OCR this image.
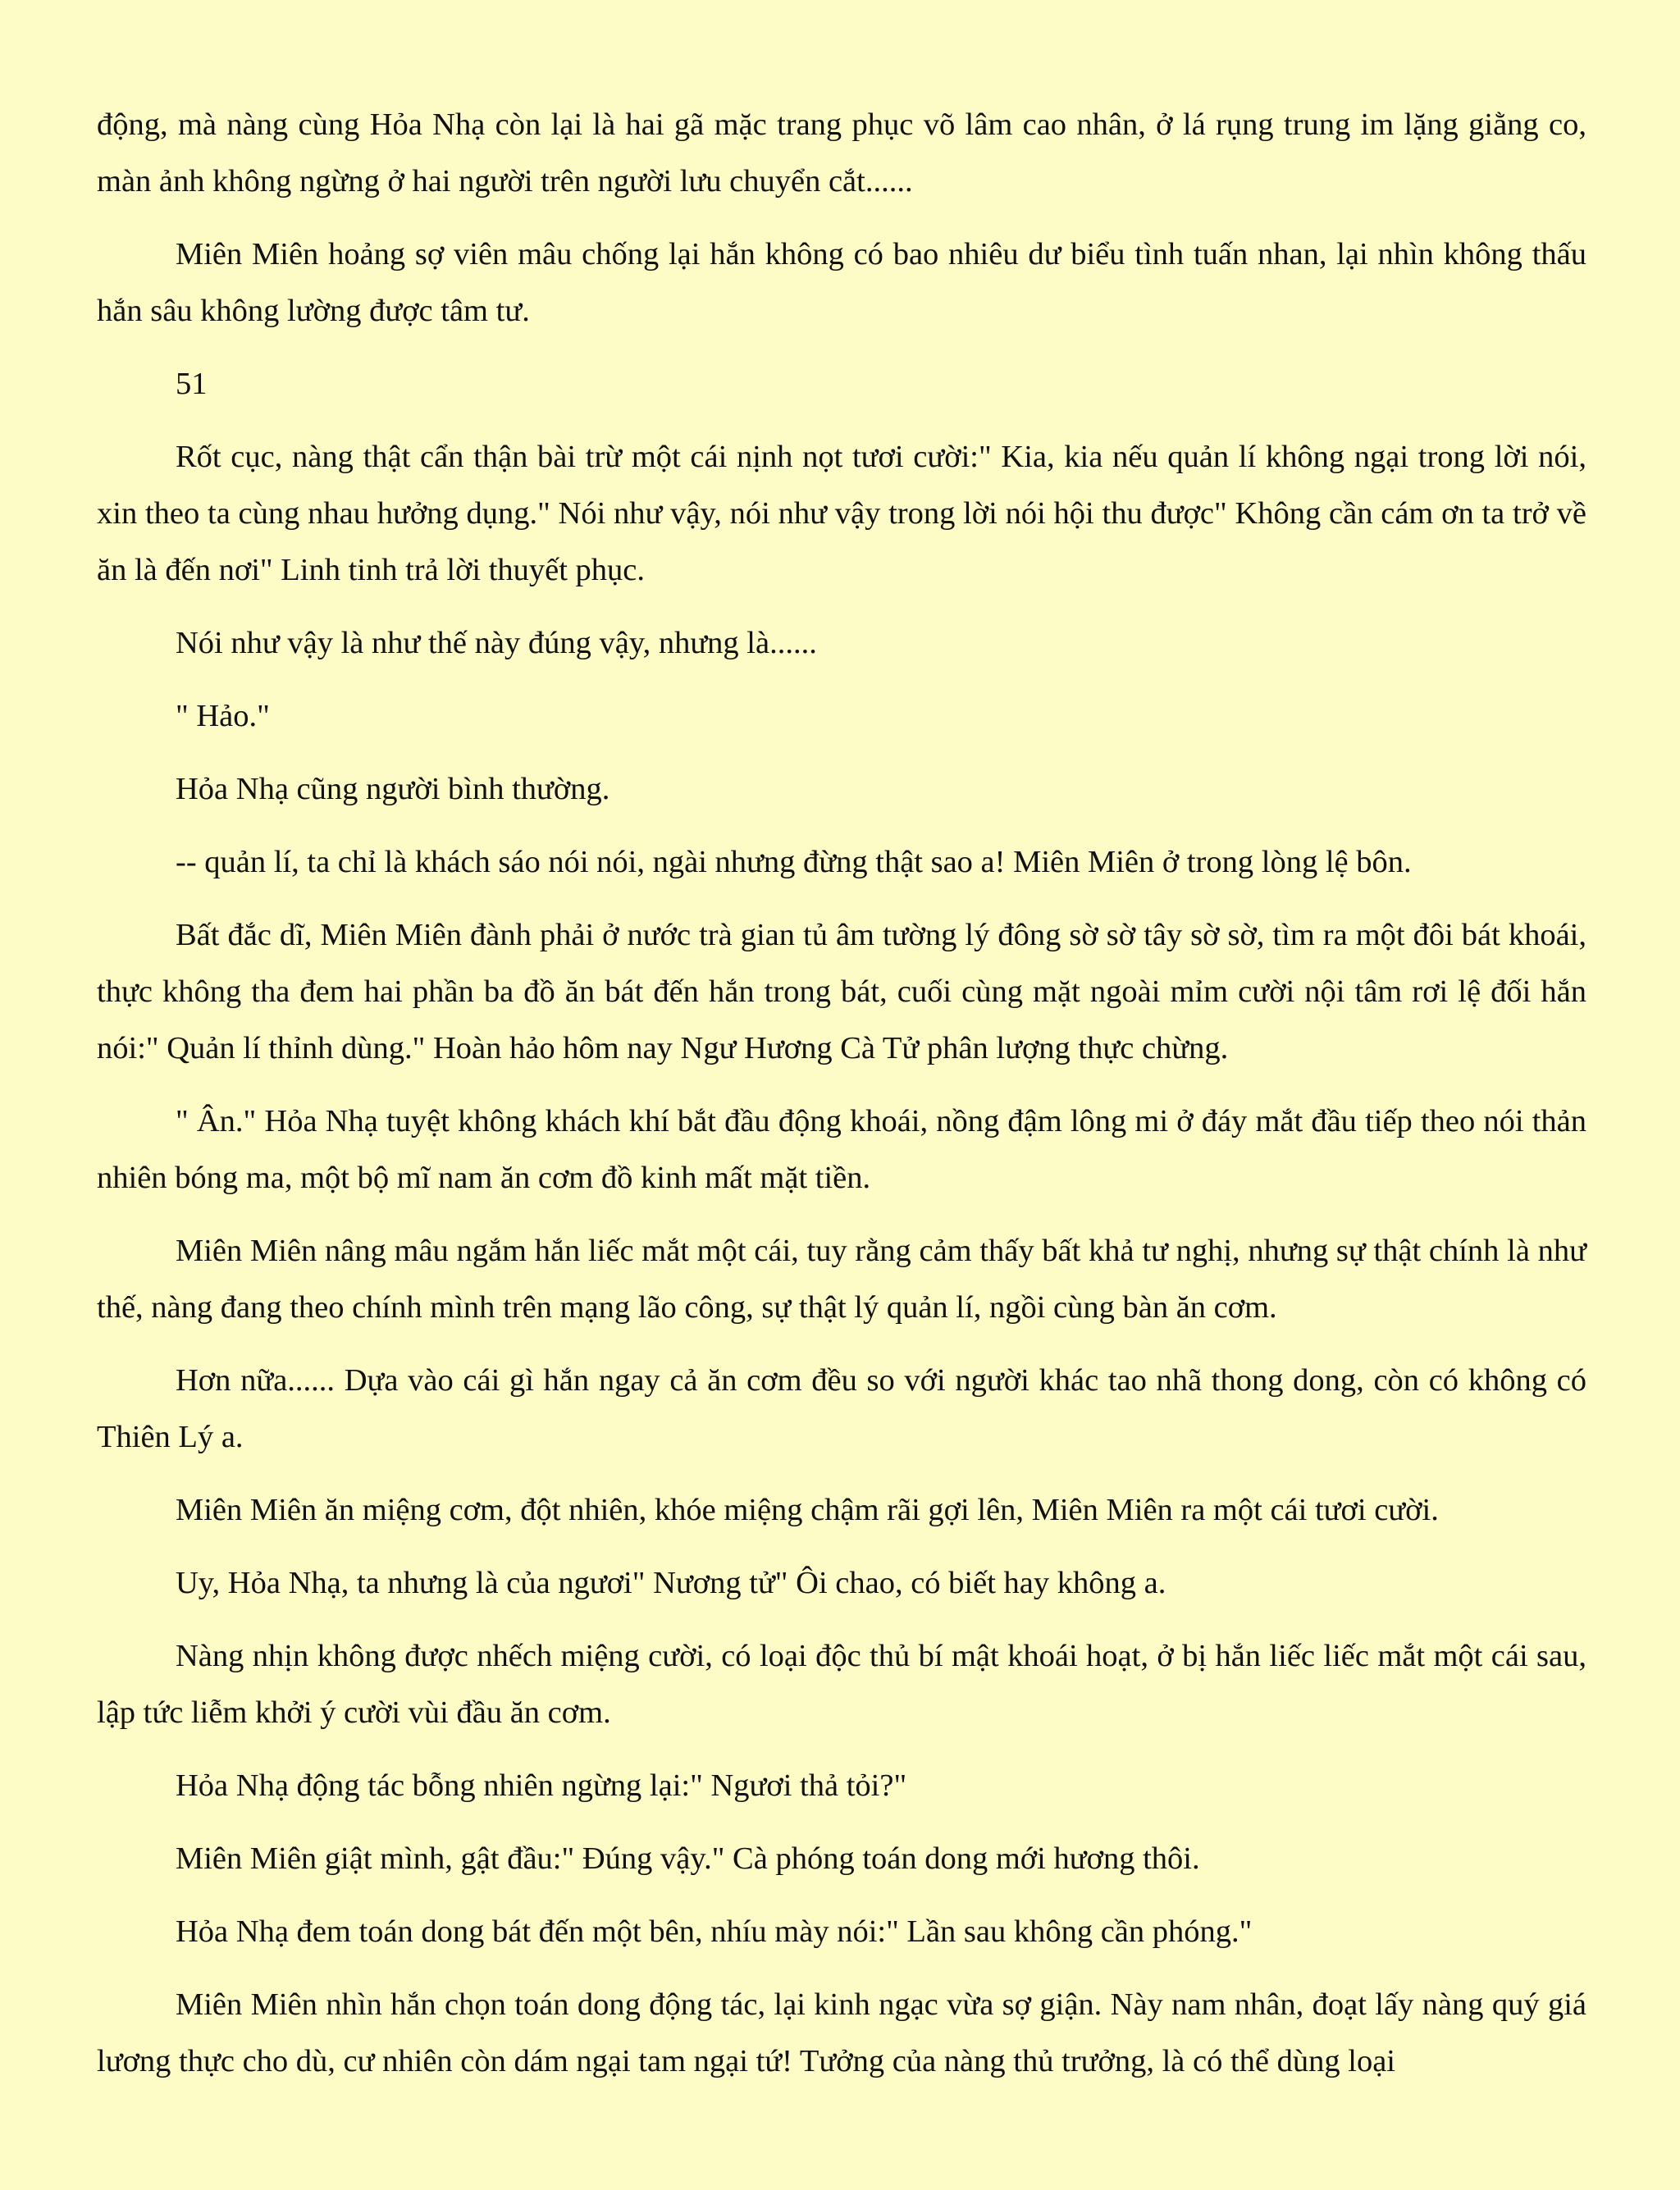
động, mà nàng cùng Hỏa Nhạ còn lại là hai gã mặc trang phục võ lâm cao nhân, ở lá rụng trung im lặng giằng co, màn ảnh không ngừng ở hai người trên người lưu chuyển cắt......

Miên Miên hoảng sợ viên mâu chống lại hắn không có bao nhiêu dư biểu tình tuấn nhan, lại nhìn không thấu hắn sâu không lường được tâm tư.

51

Rốt cục, nàng thật cẩn thận bài trừ một cái nịnh nọt tươi cười:" Kia, kia nếu quản lí không ngại trong lời nói, xin theo ta cùng nhau hưởng dụng." Nói như vậy, nói như vậy trong lời nói hội thu được" Không cần cám ơn ta trở về ăn là đến nơi" Linh tinh trả lời thuyết phục.

Nói như vậy là như thế này đúng vậy, nhưng là......

" Hảo."

Hỏa Nhạ cũng người bình thường.

-- quản lí, ta chỉ là khách sáo nói nói, ngài nhưng đừng thật sao a! Miên Miên ở trong lòng lệ bôn.

Bất đắc dĩ, Miên Miên đành phải ở nước trà gian tủ âm tường lý đông sờ sờ tây sờ sờ, tìm ra một đôi bát khoái, thực không tha đem hai phần ba đồ ăn bát đến hắn trong bát, cuối cùng mặt ngoài mỉm cười nội tâm rơi lệ đối hắn nói:" Quản lí thỉnh dùng." Hoàn hảo hôm nay Ngư Hương Cà Tử phân lượng thực chừng.

" Ân." Hỏa Nhạ tuyệt không khách khí bắt đầu động khoái, nồng đậm lông mi ở đáy mắt đầu tiếp theo nói thản nhiên bóng ma, một bộ mĩ nam ăn cơm đồ kinh mất mặt tiền.

Miên Miên nâng mâu ngắm hắn liếc mắt một cái, tuy rằng cảm thấy bất khả tư nghị, nhưng sự thật chính là như thế, nàng đang theo chính mình trên mạng lão công, sự thật lý quản lí, ngồi cùng bàn ăn cơm.

Hơn nữa...... Dựa vào cái gì hắn ngay cả ăn cơm đều so với người khác tao nhã thong dong, còn có không có Thiên Lý a.

Miên Miên ăn miệng cơm, đột nhiên, khóe miệng chậm rãi gợi lên, Miên Miên ra một cái tươi cười.

Uy, Hỏa Nhạ, ta nhưng là của ngươi" Nương tử" Ôi chao, có biết hay không a.

Nàng nhịn không được nhếch miệng cười, có loại độc thủ bí mật khoái hoạt, ở bị hắn liếc liếc mắt một cái sau, lập tức liễm khởi ý cười vùi đầu ăn cơm.

Hỏa Nhạ động tác bỗng nhiên ngừng lại:" Ngươi thả tỏi?"

Miên Miên giật mình, gật đầu:" Đúng vậy." Cà phóng toán dong mới hương thôi.

Hỏa Nhạ đem toán dong bát đến một bên, nhíu mày nói:" Lần sau không cần phóng."

Miên Miên nhìn hắn chọn toán dong động tác, lại kinh ngạc vừa sợ giận. Này nam nhân, đoạt lấy nàng quý giá lương thực cho dù, cư nhiên còn dám ngại tam ngại tứ! Tưởng của nàng thủ trưởng, là có thể dùng loại
